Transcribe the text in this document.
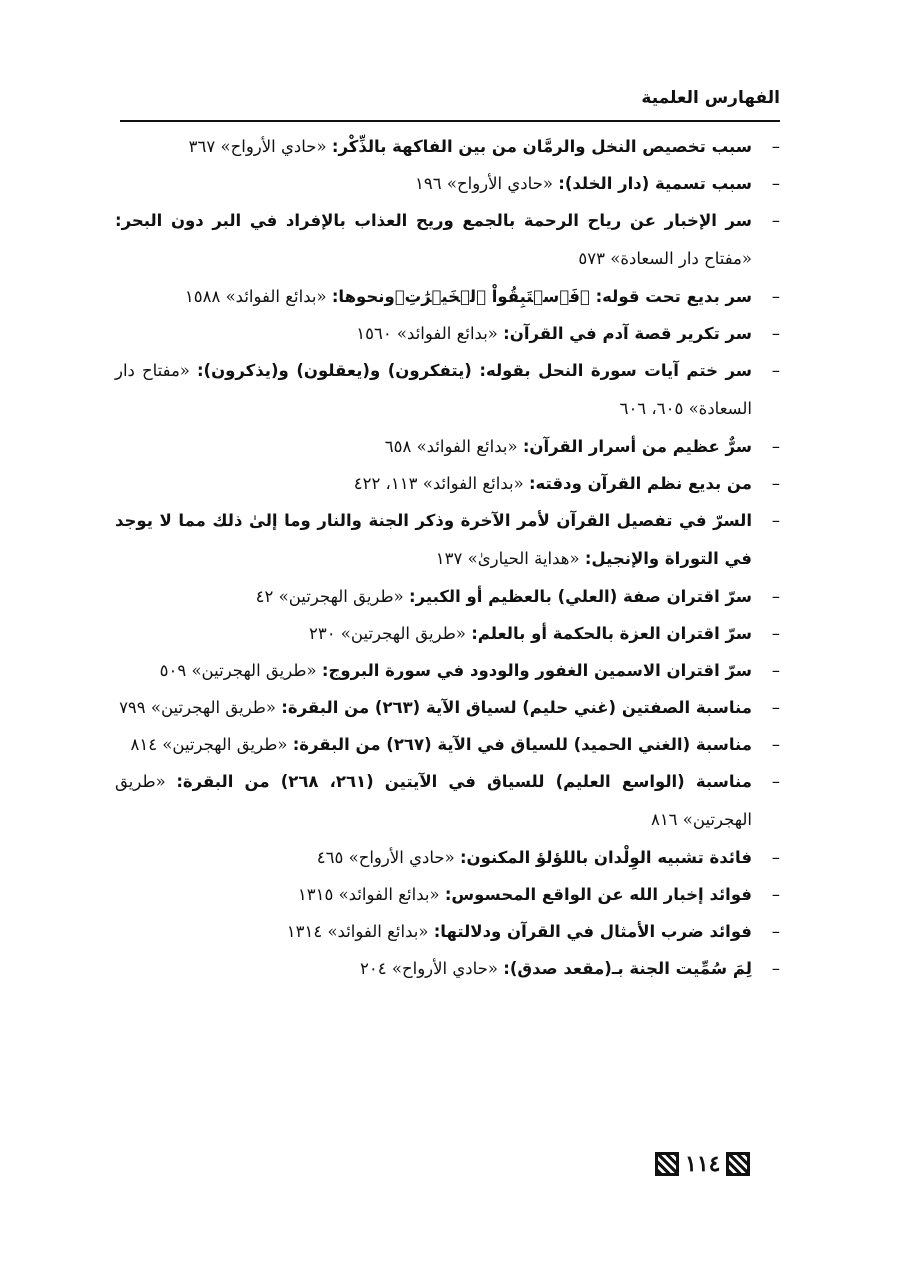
الفهارس العلمية
–
سبب تخصيص النخل والرمَّان من بين الفاكهة بالذِّكْر: «حادي الأرواح» ٣٦٧
–
سبب تسمية (دار الخلد): «حادي الأرواح» ١٩٦
–
سر الإخبار عن رياح الرحمة بالجمع وريح العذاب بالإفراد في البر دون البحر: «مفتاح دار السعادة» ٥٧٣
–
سر بديع تحت قوله: ﴿فَٱسۡتَبِقُواْ ٱلۡخَيۡرَٰتِ﴾ونحوها: «بدائع الفوائد» ١٥٨٨
–
سر تكرير قصة آدم في القرآن: «بدائع الفوائد» ١٥٦٠
–
سر ختم آيات سورة النحل بقوله: (يتفكرون) و(يعقلون) و(يذكرون): «مفتاح دار السعادة» ٦٠٥، ٦٠٦
–
سرٌّ عظيم من أسرار القرآن: «بدائع الفوائد» ٦٥٨
–
من بديع نظم القرآن ودقته: «بدائع الفوائد» ١١٣، ٤٢٢
–
السرّ في تفصيل القرآن لأمر الآخرة وذكر الجنة والنار وما إلىٰ ذلك مما لا يوجد في التوراة والإنجيل: «هداية الحيارىٰ» ١٣٧
–
سرّ اقتران صفة (العلي) بالعظيم أو الكبير: «طريق الهجرتين» ٤٢
–
سرّ اقتران العزة بالحكمة أو بالعلم: «طريق الهجرتين» ٢٣٠
–
سرّ اقتران الاسمين الغفور والودود في سورة البروج: «طريق الهجرتين» ٥٠٩
–
مناسبة الصفتين (غني حليم) لسياق الآية (٢٦٣) من البقرة: «طريق الهجرتين» ٧٩٩
–
مناسبة (الغني الحميد) للسياق في الآية (٢٦٧) من البقرة: «طريق الهجرتين» ٨١٤
–
مناسبة (الواسع العليم) للسياق في الآيتين (٢٦١، ٢٦٨) من البقرة: «طريق الهجرتين» ٨١٦
–
فائدة تشبيه الوِلْدان باللؤلؤ المكنون: «حادي الأرواح» ٤٦٥
–
فوائد إخبار الله عن الواقع المحسوس: «بدائع الفوائد» ١٣١٥
–
فوائد ضرب الأمثال في القرآن ودلالتها: «بدائع الفوائد» ١٣١٤
–
لِمَ سُمِّيت الجنة بـ(مقعد صدق): «حادي الأرواح» ٢٠٤
١١٤
